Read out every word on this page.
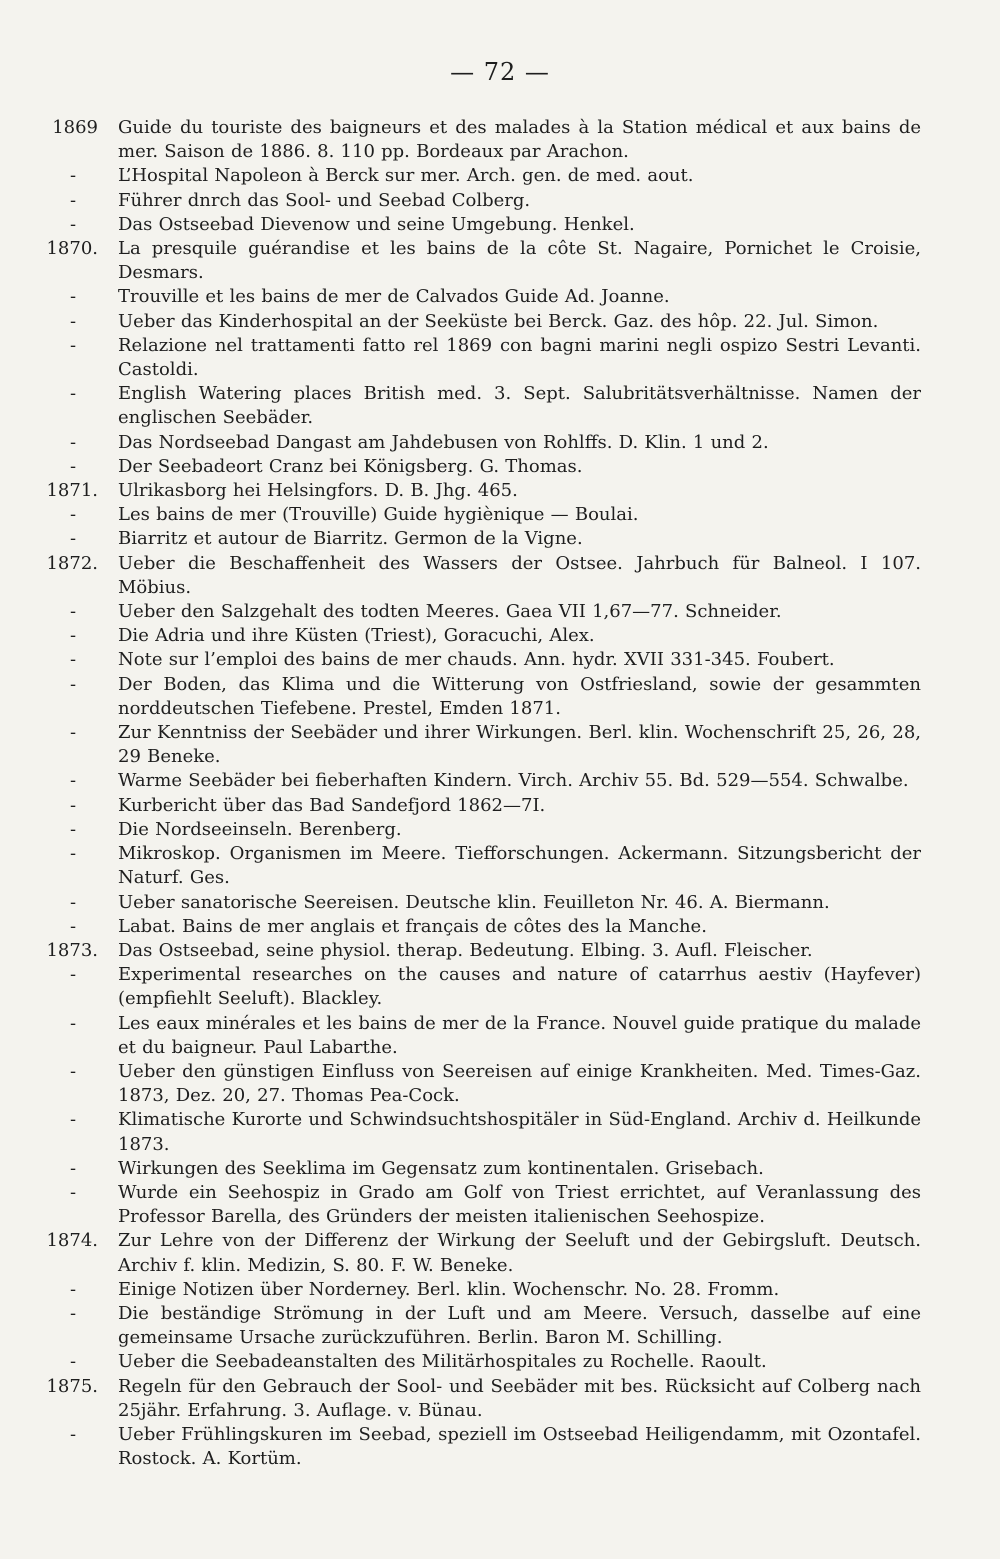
— 72 —
1869 Guide du touriste des baigneurs et des malades à la Station médical et aux bains de mer. Saison de 1886. 8. 110 pp. Bordeaux par Arachon.
- L’Hospital Napoleon à Berck sur mer. Arch. gen. de med. aout.
- Führer dnrch das Sool- und Seebad Colberg.
- Das Ostseebad Dievenow und seine Umgebung. Henkel.
1870. La presquile guérandise et les bains de la côte St. Nagaire, Pornichet le Croisie, Desmars.
- Trouville et les bains de mer de Calvados Guide Ad. Joanne.
- Ueber das Kinderhospital an der Seeküste bei Berck. Gaz. des hôp. 22. Jul. Simon.
- Relazione nel trattamenti fatto rel 1869 con bagni marini negli ospizo Sestri Levanti. Castoldi.
- English Watering places British med. 3. Sept. Salubritätsverhältnisse. Namen der englischen Seebäder.
- Das Nordseebad Dangast am Jahdebusen von Rohlffs. D. Klin. 1 und 2.
- Der Seebadeort Cranz bei Königsberg. G. Thomas.
1871. Ulrikasborg hei Helsingfors. D. B. Jhg. 465.
- Les bains de mer (Trouville) Guide hygiènique — Boulai.
- Biarritz et autour de Biarritz. Germon de la Vigne.
1872. Ueber die Beschaffenheit des Wassers der Ostsee. Jahrbuch für Balneol. I 107. Möbius.
- Ueber den Salzgehalt des todten Meeres. Gaea VII 1,67—77. Schneider.
- Die Adria und ihre Küsten (Triest), Goracuchi, Alex.
- Note sur l’emploi des bains de mer chauds. Ann. hydr. XVII 331-345. Foubert.
- Der Boden, das Klima und die Witterung von Ostfriesland, sowie der gesammten norddeutschen Tiefebene. Prestel, Emden 1871.
- Zur Kenntniss der Seebäder und ihrer Wirkungen. Berl. klin. Wochenschrift 25, 26, 28, 29 Beneke.
- Warme Seebäder bei fieberhaften Kindern. Virch. Archiv 55. Bd. 529—554. Schwalbe.
- Kurbericht über das Bad Sandefjord 1862—7I.
- Die Nordseeinseln. Berenberg.
- Mikroskop. Organismen im Meere. Tiefforschungen. Ackermann. Sitzungsbericht der Naturf. Ges.
- Ueber sanatorische Seereisen. Deutsche klin. Feuilleton Nr. 46. A. Biermann.
- Labat. Bains de mer anglais et français de côtes des la Manche.
1873. Das Ostseebad, seine physiol. therap. Bedeutung. Elbing. 3. Aufl. Fleischer.
- Experimental researches on the causes and nature of catarrhus aestiv (Hayfever) (empfiehlt Seeluft). Blackley.
- Les eaux minérales et les bains de mer de la France. Nouvel guide pratique du malade et du baigneur. Paul Labarthe.
- Ueber den günstigen Einfluss von Seereisen auf einige Krankheiten. Med. Times-Gaz. 1873, Dez. 20, 27. Thomas Pea-Cock.
- Klimatische Kurorte und Schwindsuchtshospitäler in Süd-England. Archiv d. Heilkunde 1873.
- Wirkungen des Seeklima im Gegensatz zum kontinentalen. Grisebach.
- Wurde ein Seehospiz in Grado am Golf von Triest errichtet, auf Veranlassung des Professor Barella, des Gründers der meisten italienischen Seehospize.
1874. Zur Lehre von der Differenz der Wirkung der Seeluft und der Gebirgsluft. Deutsch. Archiv f. klin. Medizin, S. 80. F. W. Beneke.
- Einige Notizen über Norderney. Berl. klin. Wochenschr. No. 28. Fromm.
- Die beständige Strömung in der Luft und am Meere. Versuch, dasselbe auf eine gemeinsame Ursache zurückzuführen. Berlin. Baron M. Schilling.
- Ueber die Seebadeanstalten des Militärhospitales zu Rochelle. Raoult.
1875. Regeln für den Gebrauch der Sool- und Seebäder mit bes. Rücksicht auf Colberg nach 25jähr. Erfahrung. 3. Auflage. v. Bünau.
- Ueber Frühlingskuren im Seebad, speziell im Ostseebad Heiligendamm, mit Ozontafel. Rostock. A. Kortüm.
